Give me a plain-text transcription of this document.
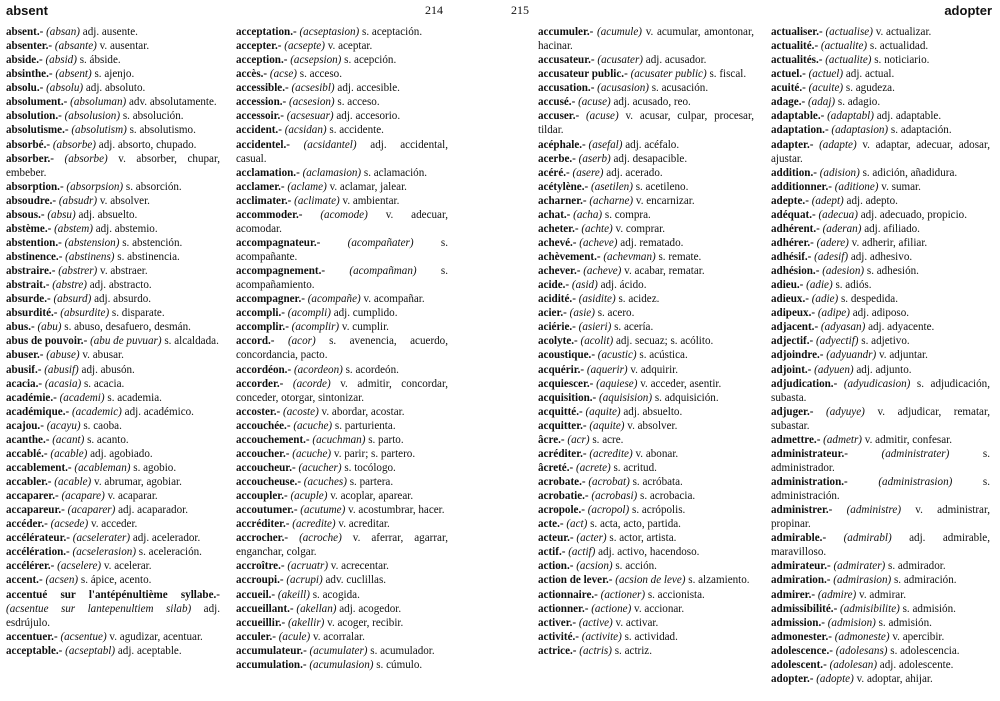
absent	214
absent.- (absan) adj. ausente.
absenter.- (absante) v. ausentar.
abside.- (absid) s. ábside.
absinthe.- (absent) s. ajenjo.
absolu.- (absolu) adj. absoluto.
absolument.- (absoluman) adv. absolutamente.
absolution.- (absolusion) s. absolución.
absolutisme.- (absolutism) s. absolutismo.
absorbé.- (absorbe) adj. absorto, chupado.
absorber.- (absorbe) v. absorber, chupar, embeber.
absorption.- (absorpsion) s. absorción.
absoudre.- (absudr) v. absolver.
absous.- (absu) adj. absuelto.
abstème.- (abstem) adj. abstemio.
abstention.- (abstension) s. abstención.
abstinence.- (abstinens) s. abstinencia.
abstraire.- (abstrer) v. abstraer.
abstrait.- (abstre) adj. abstracto.
absurde.- (absurd) adj. absurdo.
absurdité.- (absurdite) s. disparate.
abus.- (abu) s. abuso, desafuero, desmán.
abus de pouvoir.- (abu de puvuar) s. alcaldada.
abuser.- (abuse) v. abusar.
abusif.- (abusif) adj. abusón.
acacia.- (acasia) s. acacia.
académie.- (academi) s. academia.
académique.- (academic) adj. académico.
acajou.- (acayu) s. caoba.
acanthe.- (acant) s. acanto.
accablé.- (acable) adj. agobiado.
accablement.- (acableman) s. agobio.
accabler.- (acable) v. abrumar, agobiar.
accaparer.- (acapare) v. acaparar.
accapareur.- (acaparer) adj. acaparador.
accéder.- (acsede) v. acceder.
accélérateur.- (acselerater) adj. acelerador.
accélération.- (acselerasion) s. aceleración.
accélérer.- (acselere) v. acelerar.
accent.- (acsen) s. ápice, acento.
accentué sur l'antépénultième syllabe.- (acsentue sur lantepenultiem silab) adj. esdrújulo.
accentuer.- (acsentue) v. agudizar, acentuar.
acceptable.- (acseptabl) adj. aceptable.
acceptation.- (acseptasion) s. aceptación.
accepter.- (acsepte) v. aceptar.
acception.- (acsepsion) s. acepción.
accès.- (acse) s. acceso.
accessible.- (acsesibl) adj. accesible.
accession.- (acsesion) s. acceso.
accessoir.- (acsesuar) adj. accesorio.
accident.- (acsidan) s. accidente.
accidentel.- (acsidantel) adj. accidental, casual.
acclamation.- (aclamasion) s. aclamación.
acclamer.- (aclame) v. aclamar, jalear.
acclimater.- (aclimate) v. ambientar.
accommoder.- (acomode) v. adecuar, acomodar.
accompagnateur.- (acompañater) s. acompañante.
accompagnement.- (acompañman) s. acompañamiento.
accompagner.- (acompañe) v. acompañar.
accompli.- (acompli) adj. cumplido.
accomplir.- (acomplir) v. cumplir.
accord.- (acor) s. avenencia, acuerdo, concordancia, pacto.
accordéon.- (acordeon) s. acordeón.
accorder.- (acorde) v. admitir, concordar, conceder, otorgar, sintonizar.
accoster.- (acoste) v. abordar, acostar.
accouchée.- (acuche) s. parturienta.
accouchement.- (acuchman) s. parto.
accoucher.- (acuche) v. parir; s. partero.
accoucheur.- (acucher) s. tocólogo.
accoucheuse.- (acuches) s. partera.
accoupler.- (acuple) v. acoplar, aparear.
accoutumer.- (acutume) v. acostumbrar, hacer.
accréditer.- (acredite) v. acreditar.
accrocher.- (acroche) v. aferrar, agarrar, enganchar, colgar.
accroître.- (acruatr) v. acrecentar.
accroupi.- (acrupi) adv. cuclillas.
accueil.- (akeill) s. acogida.
accueillant.- (akellan) adj. acogedor.
accueillir.- (akellir) v. acoger, recibir.
acculer.- (acule) v. acorralar.
accumulateur.- (acumulater) s. acumulador.
accumulation.- (acumulasion) s. cúmulo.
215	adopter
accumuler.- (acumule) v. acumular, amontonar, hacinar.
accusateur.- (acusater) adj. acusador.
accusateur public.- (acusater public) s. fiscal.
accusation.- (acusasion) s. acusación.
accusé.- (acuse) adj. acusado, reo.
accuser.- (acuse) v. acusar, culpar, procesar, tildar.
acéphale.- (asefal) adj. acéfalo.
acerbe.- (aserb) adj. desapacible.
acéré.- (asere) adj. acerado.
acétylène.- (asetilen) s. acetileno.
acharner.- (acharne) v. encarnizar.
achat.- (acha) s. compra.
acheter.- (achte) v. comprar.
achevé.- (acheve) adj. rematado.
achèvement.- (achevman) s. remate.
achever.- (acheve) v. acabar, rematar.
acide.- (asid) adj. ácido.
acidité.- (asidite) s. acidez.
acier.- (asie) s. acero.
aciérie.- (asieri) s. acería.
acolyte.- (acolit) adj. secuaz; s. acólito.
acoustique.- (acustic) s. acústica.
acquérir.- (aquerir) v. adquirir.
acquiescer.- (aquiese) v. acceder, asentir.
acquisition.- (aquisision) s. adquisición.
acquitté.- (aquite) adj. absuelto.
acquitter.- (aquite) v. absolver.
âcre.- (acr) s. acre.
acréditer.- (acredite) v. abonar.
âcreté.- (acrete) s. acritud.
acrobate.- (acrobat) s. acróbata.
acrobatie.- (acrobasi) s. acrobacia.
acropole.- (acropol) s. acrópolis.
acte.- (act) s. acta, acto, partida.
acteur.- (acter) s. actor, artista.
actif.- (actif) adj. activo, hacendoso.
action.- (acsion) s. acción.
action de lever.- (acsion de leve) s. alzamiento.
actionnaire.- (actioner) s. accionista.
actionner.- (actione) v. accionar.
activer.- (active) v. activar.
activité.- (activite) s. actividad.
actrice.- (actris) s. actriz.
actualiser.- (actualise) v. actualizar.
actualité.- (actualite) s. actualidad.
actualités.- (actualite) s. noticiario.
actuel.- (actuel) adj. actual.
acuité.- (acuite) s. agudeza.
adage.- (adaj) s. adagio.
adaptable.- (adaptabl) adj. adaptable.
adaptation.- (adaptasion) s. adaptación.
adapter.- (adapte) v. adaptar, adecuar, adosar, ajustar.
addition.- (adision) s. adición, añadidura.
additionner.- (aditione) v. sumar.
adepte.- (adept) adj. adepto.
adéquat.- (adecua) adj. adecuado, propicio.
adhérent.- (aderan) adj. afiliado.
adhérer.- (adere) v. adherir, afiliar.
adhésif.- (adesif) adj. adhesivo.
adhésion.- (adesion) s. adhesión.
adieu.- (adie) s. adiós.
adieux.- (adie) s. despedida.
adipeux.- (adipe) adj. adiposo.
adjacent.- (adyasan) adj. adyacente.
adjectif.- (adyectif) s. adjetivo.
adjoindre.- (adyuandr) v. adjuntar.
adjoint.- (adyuen) adj. adjunto.
adjudication.- (adyudicasion) s. adjudicación, subasta.
adjuger.- (adyuye) v. adjudicar, rematar, subastar.
admettre.- (admetr) v. admitir, confesar.
administrateur.-	(administrater)	s. administrador.
administration.-	(administrasion)	s. administración.
administrer.- (administre) v. administrar, propinar.
admirable.- (admirabl) adj. admirable, maravilloso.
admirateur.- (admirater) s. admirador.
admiration.- (admirasion) s. admiración.
admirer.- (admire) v. admirar.
admissibilité.- (admisibilite) s. admisión.
admission.- (admision) s. admisión.
admonester.- (admoneste) v. apercibir.
adolescence.- (adolesans) s. adolescencia.
adolescent.- (adolesan) adj. adolescente.
adopter.- (adopte) v. adoptar, ahijar.
